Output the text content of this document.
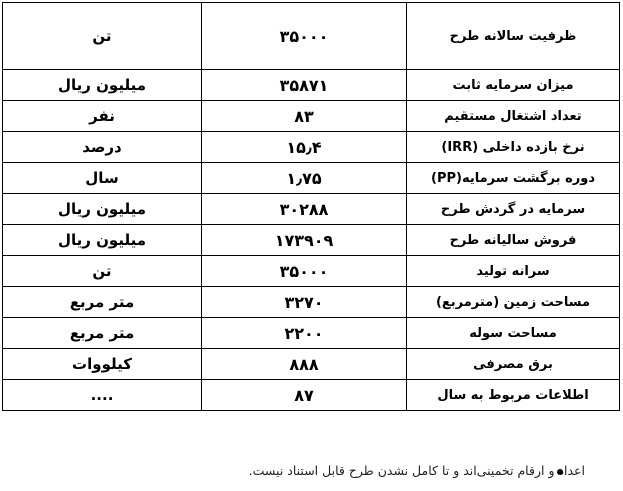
ظرفیت سالانه طرح	۳۵۰۰۰	تن
میزان سرمایه ثابت	۳۵۸۷۱	میلیون ریال
تعداد اشتغال مستقیم	۸۳	نفر
نرخ بازده داخلی (IRR)	۱۵٫۴	درصد
دوره برگشت سرمایه(PP)	۱٫۷۵	سال
سرمایه در گردش طرح	۳۰۲۸۸	میلیون ریال
فروش سالیانه طرح	۱۷۳۹۰۹	میلیون ریال
سرانه تولید	۳۵۰۰۰	تن
مساحت زمین (مترمربع)	۳۲۷۰	متر مربع
مساحت سوله	۲۲۰۰	متر مربع
برق مصرفی	۸۸۸	کیلووات
اطلاعات مربوط به سال	۸۷	....
اعداد و ارقام تخمینی‌اند و تا کامل نشدن طرح قابل استناد نیست.
